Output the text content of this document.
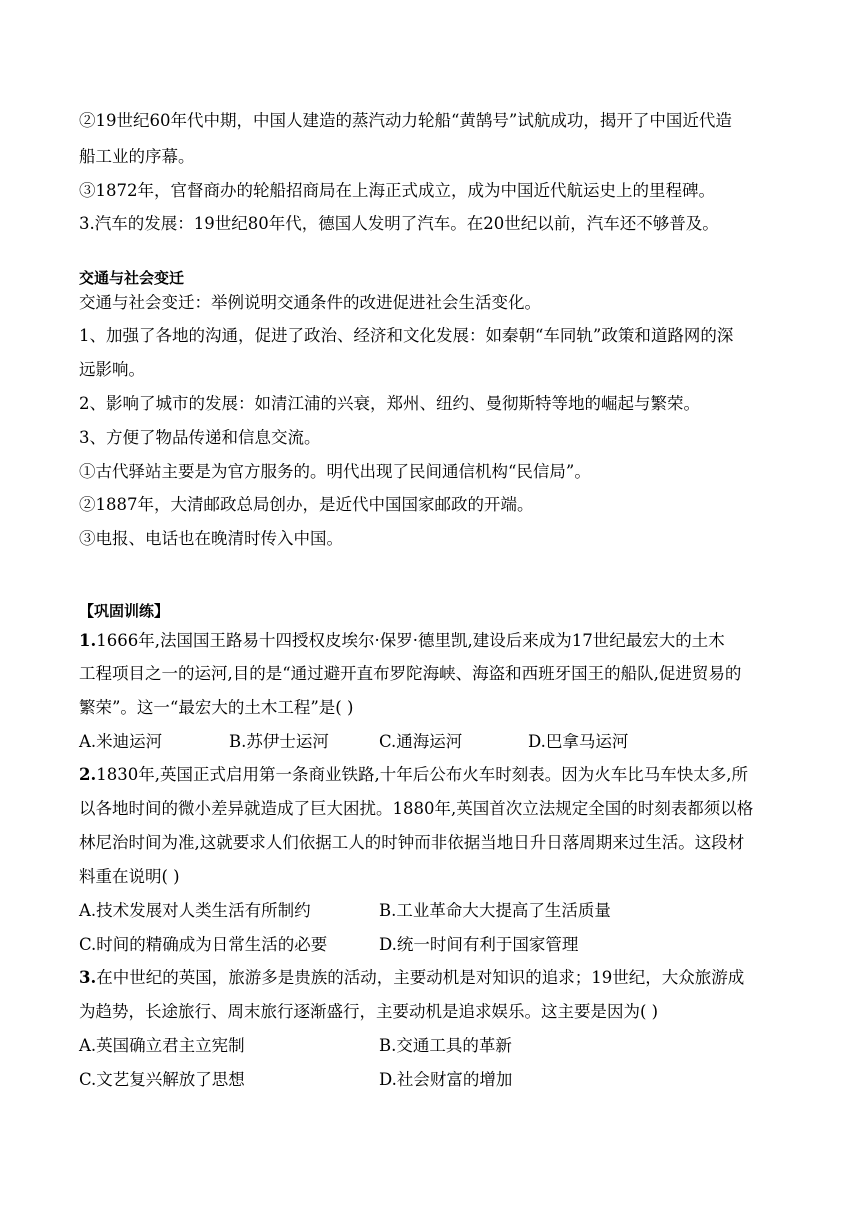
②19世纪60年代中期，中国人建造的蒸汽动力轮船“黄鹄号”试航成功，揭开了中国近代造
船工业的序幕。
③1872年，官督商办的轮船招商局在上海正式成立，成为中国近代航运史上的里程碑。
3.汽车的发展：19世纪80年代，德国人发明了汽车。在20世纪以前，汽车还不够普及。
交通与社会变迁
交通与社会变迁：举例说明交通条件的改进促进社会生活变化。
1、加强了各地的沟通，促进了政治、经济和文化发展：如秦朝“车同轨”政策和道路网的深
远影响。
2、影响了城市的发展：如清江浦的兴衰，郑州、纽约、曼彻斯特等地的崛起与繁荣。
3、方便了物品传递和信息交流。
①古代驿站主要是为官方服务的。明代出现了民间通信机构“民信局”。
②1887年，大清邮政总局创办，是近代中国国家邮政的开端。
③电报、电话也在晚清时传入中国。
【巩固训练】
1.1666年,法国国王路易十四授权皮埃尔·保罗·德里凯,建设后来成为17世纪最宏大的土木
工程项目之一的运河,目的是“通过避开直布罗陀海峡、海盗和西班牙国王的船队,促进贸易的
繁荣”。这一“最宏大的土木工程”是( )
A.米迪运河	B.苏伊士运河	C.通海运河	D.巴拿马运河
2.1830年,英国正式启用第一条商业铁路,十年后公布火车时刻表。因为火车比马车快太多,所
以各地时间的微小差异就造成了巨大困扰。1880年,英国首次立法规定全国的时刻表都须以格
林尼治时间为准,这就要求人们依据工人的时钟而非依据当地日升日落周期来过生活。这段材
料重在说明( )
A.技术发展对人类生活有所制约	B.工业革命大大提高了生活质量
C.时间的精确成为日常生活的必要	D.统一时间有利于国家管理
3.在中世纪的英国，旅游多是贵族的活动，主要动机是对知识的追求；19世纪，大众旅游成
为趋势，长途旅行、周末旅行逐渐盛行，主要动机是追求娱乐。这主要是因为( )
A.英国确立君主立宪制	B.交通工具的革新
C.文艺复兴解放了思想	D.社会财富的增加
